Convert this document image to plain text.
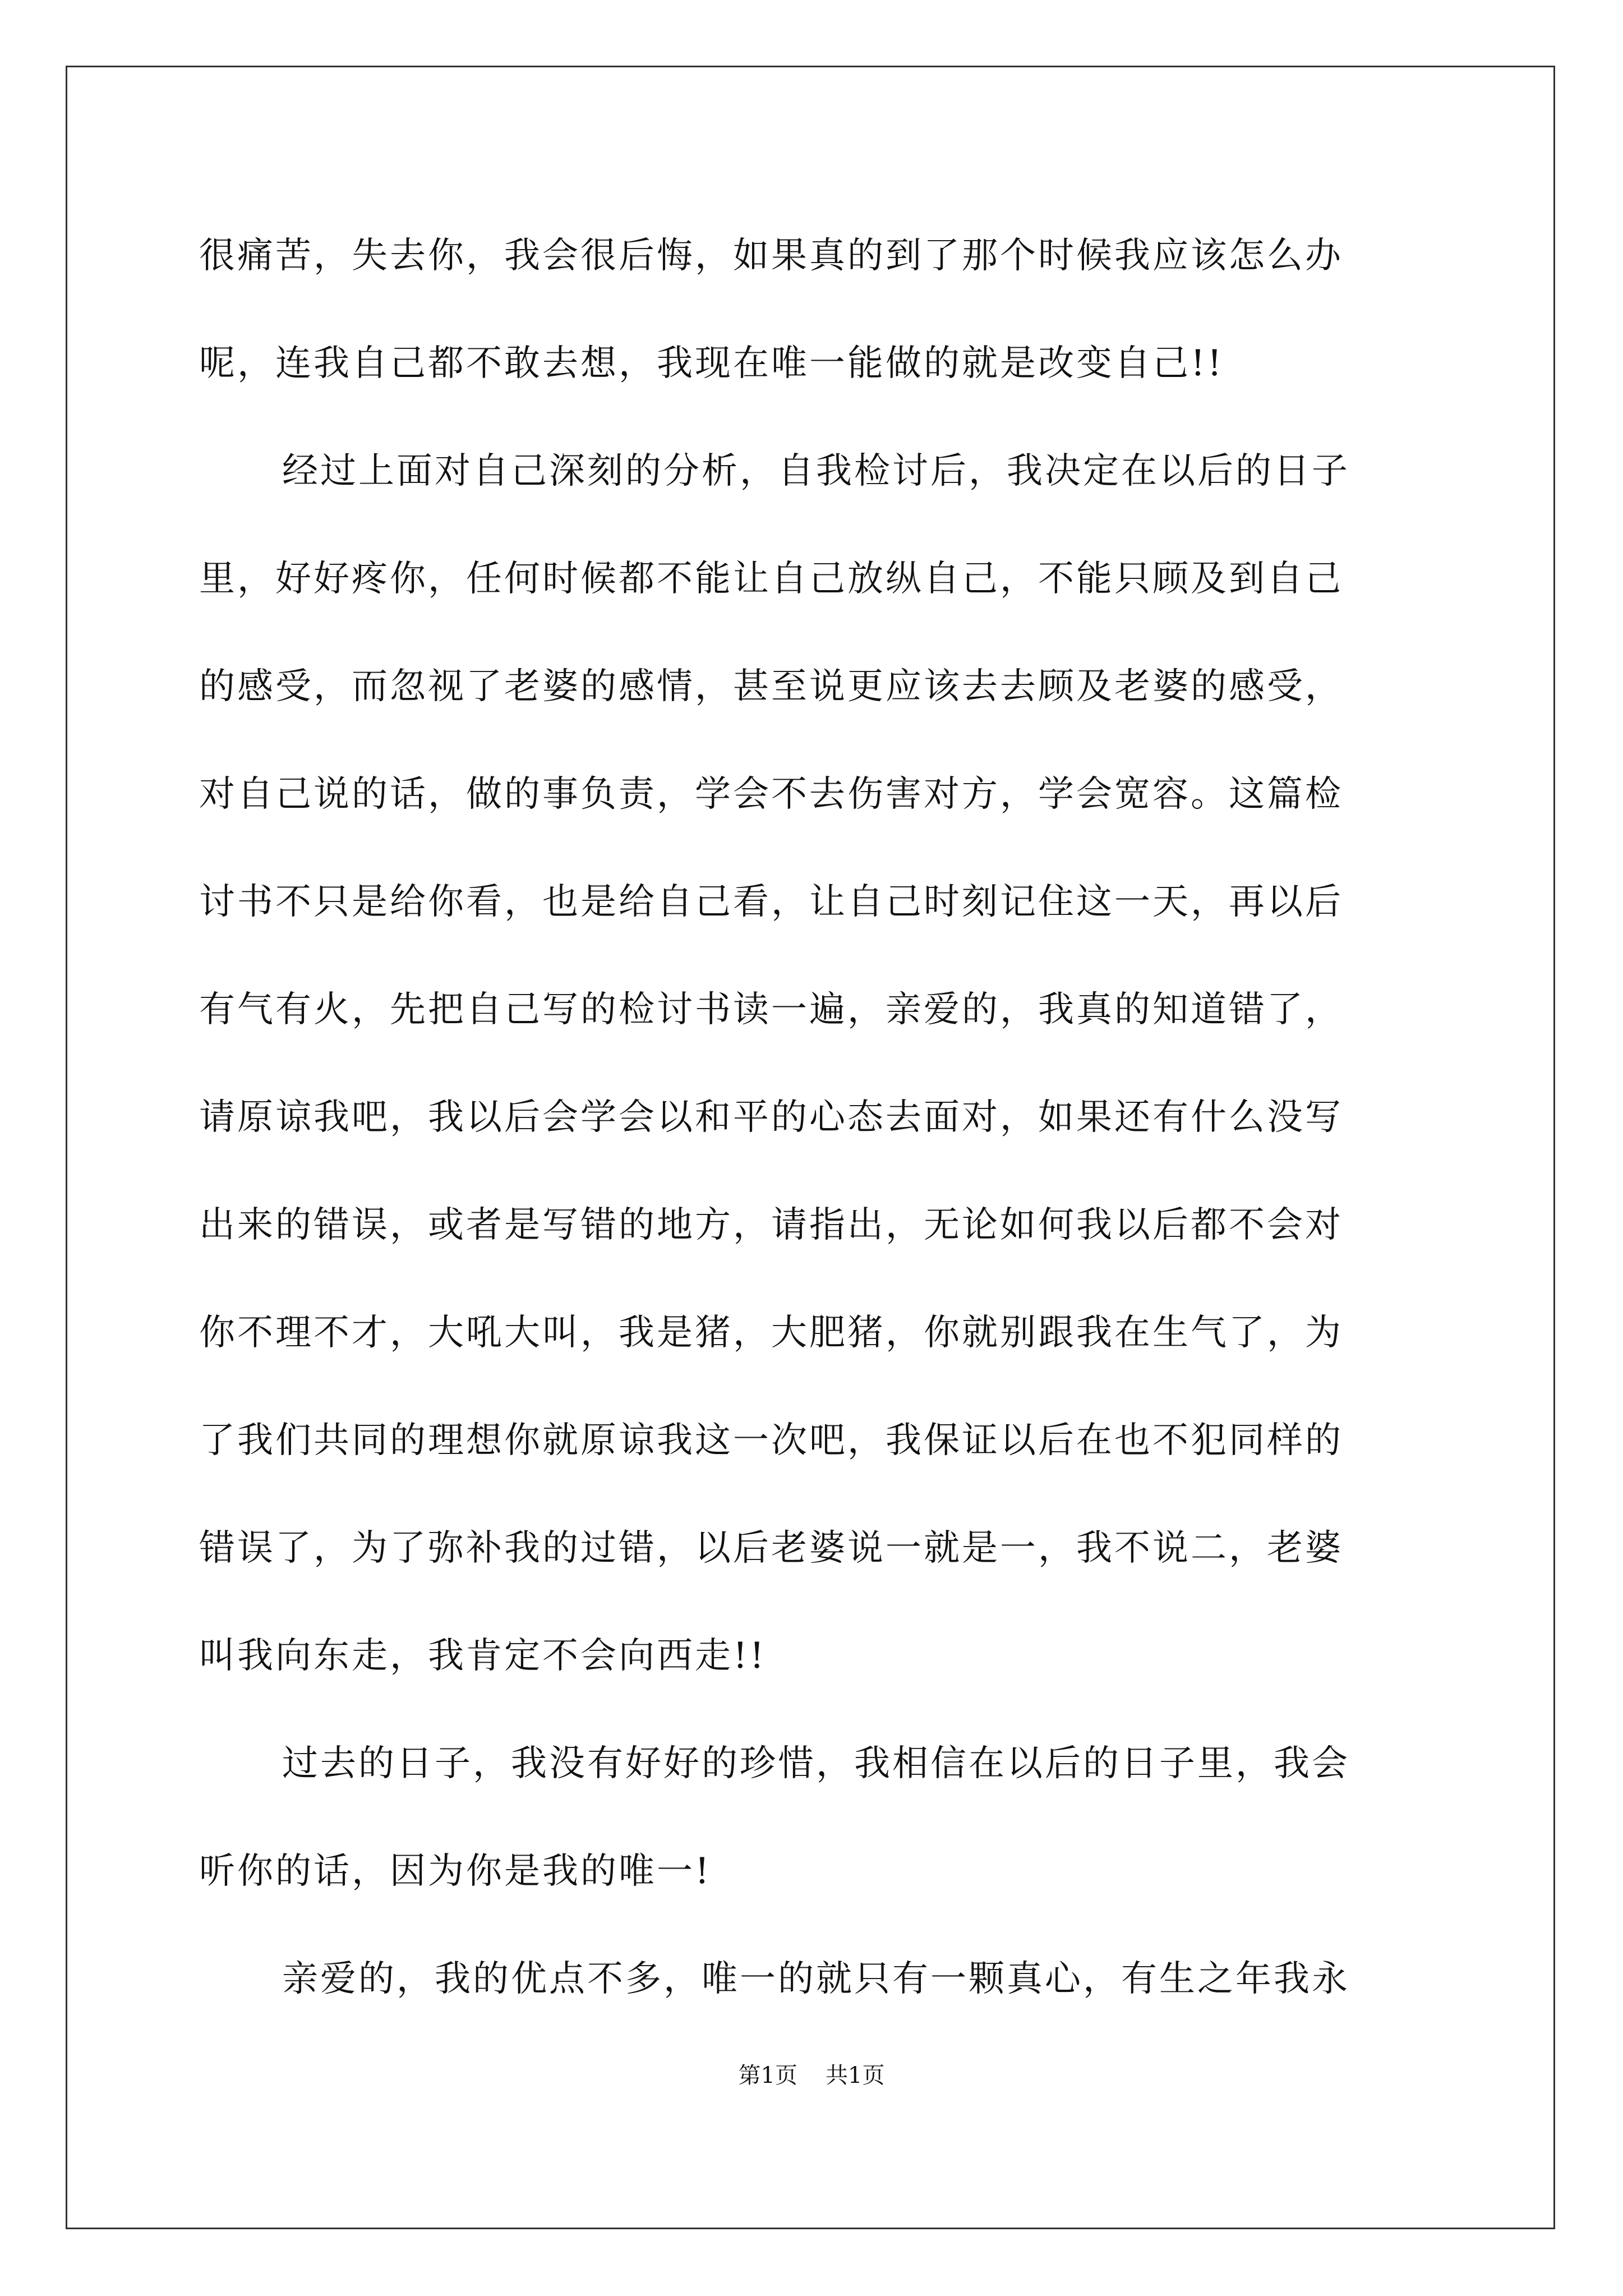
很痛苦，失去你，我会很后悔，如果真的到了那个时候我应该怎么办
呢，连我自己都不敢去想，我现在唯一能做的就是改变自己!!
经过上面对自己深刻的分析，自我检讨后，我决定在以后的日子
里，好好疼你，任何时候都不能让自己放纵自己，不能只顾及到自己
的感受，而忽视了老婆的感情，甚至说更应该去去顾及老婆的感受，
对自己说的话，做的事负责，学会不去伤害对方，学会宽容。这篇检
讨书不只是给你看，也是给自己看，让自己时刻记住这一天，再以后
有气有火，先把自己写的检讨书读一遍，亲爱的，我真的知道错了，
请原谅我吧，我以后会学会以和平的心态去面对，如果还有什么没写
出来的错误，或者是写错的地方，请指出，无论如何我以后都不会对
你不理不才，大吼大叫，我是猪，大肥猪，你就别跟我在生气了，为
了我们共同的理想你就原谅我这一次吧，我保证以后在也不犯同样的
错误了，为了弥补我的过错，以后老婆说一就是一，我不说二，老婆
叫我向东走，我肯定不会向西走!!
过去的日子，我没有好好的珍惜，我相信在以后的日子里，我会
听你的话，因为你是我的唯一!
亲爱的，我的优点不多，唯一的就只有一颗真心，有生之年我永
第1页 共1页
